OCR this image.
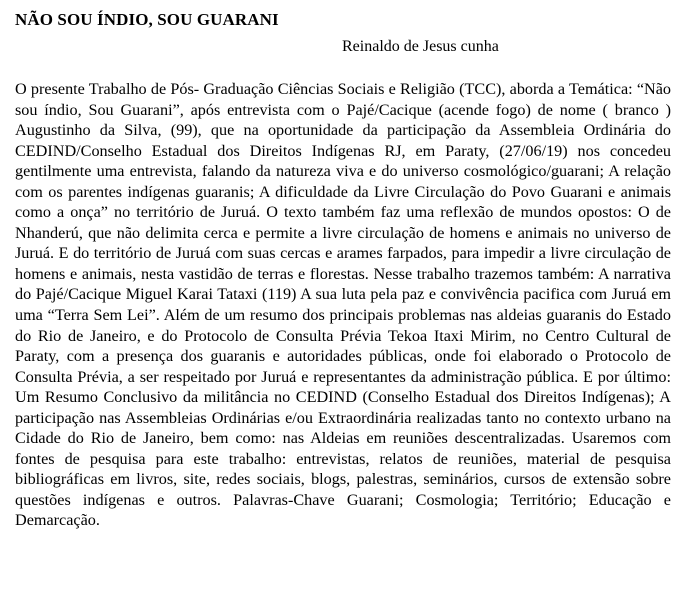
NÃO SOU ÍNDIO, SOU GUARANI
Reinaldo de Jesus cunha

O presente Trabalho de Pós- Graduação Ciências Sociais e Religião (TCC), aborda a Temática: “Não sou índio, Sou Guarani”, após entrevista com o Pajé/Cacique (acende fogo) de nome ( branco ) Augustinho da Silva, (99), que na oportunidade da participação da Assembleia Ordinária do CEDIND/Conselho Estadual dos Direitos Indígenas RJ, em Paraty, (27/06/19) nos concedeu gentilmente uma entrevista, falando da natureza viva e do universo cosmológico/guarani; A relação com os parentes indígenas guaranis; A dificuldade da Livre Circulação do Povo Guarani e animais como a onça” no território de Juruá. O texto também faz uma reflexão de mundos opostos: O de Nhanderú, que não delimita cerca e permite a livre circulação de homens e animais no universo de Juruá. E do território de Juruá com suas cercas e arames farpados, para impedir a livre circulação de homens e animais, nesta vastidão de terras e florestas. Nesse trabalho trazemos também: A narrativa do Pajé/Cacique Miguel Karai Tataxi (119) A sua luta pela paz e convivência pacifica com Juruá em uma “Terra Sem Lei”. Além de um resumo dos principais problemas nas aldeias guaranis do Estado do Rio de Janeiro, e do Protocolo de Consulta Prévia Tekoa Itaxi Mirim, no Centro Cultural de Paraty, com a presença dos guaranis e autoridades públicas, onde foi elaborado o Protocolo de Consulta Prévia, a ser respeitado por Juruá e representantes da administração pública. E por último: Um Resumo Conclusivo da militância no CEDIND (Conselho Estadual dos Direitos Indígenas); A participação nas Assembleias Ordinárias e/ou Extraordinária realizadas tanto no contexto urbano na Cidade do Rio de Janeiro, bem como: nas Aldeias em reuniões descentralizadas. Usaremos com fontes de pesquisa para este trabalho: entrevistas, relatos de reuniões, material de pesquisa bibliográficas em livros, site, redes sociais, blogs, palestras, seminários, cursos de extensão sobre questões indígenas e outros. Palavras-Chave Guarani; Cosmologia; Território; Educação e Demarcação.
